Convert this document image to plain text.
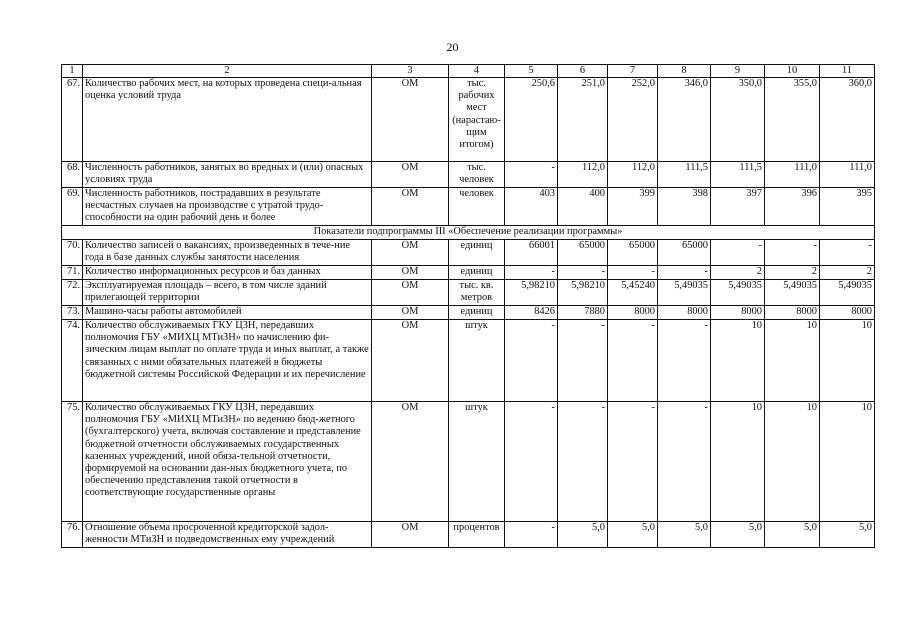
20
1	2	3	4	5	6	7	8	9	10	11
67.	Количество рабочих мест, на которых проведена специ-альная оценка условий труда	ОМ	тыс. рабочих мест (нарастаю-щим итогом)	250,6	251,0	252,0	346,0	350,0	355,0	360,0
68.	Численность работников, занятых во вредных и (или) опасных условиях труда	ОМ	тыс. человек	-	112,0	112,0	111,5	111,5	111,0	111,0
69.	Численность работников, пострадавших в результате несчастных случаев на производстве с утратой трудо-способности на один рабочий день и более	ОМ	человек	403	400	399	398	397	396	395
Показатели подпрограммы III «Обеспечение реализации программы»										
70.	Количество записей о вакансиях, произведенных в тече-ние года в базе данных службы занятости населения	ОМ	единиц	66001	65000	65000	65000	-	-	-
71.	Количество информационных ресурсов и баз данных	ОМ	единиц	-	-	-	-	2	2	2
72.	Эксплуатируемая площадь – всего, в том числе зданий прилегающей территории	ОМ	тыс. кв. метров	5,98210	5,98210	5,45240	5,49035	5,49035	5,49035	5,49035
73.	Машино-часы работы автомобилей	ОМ	единиц	8426	7880	8000	8000	8000	8000	8000
74.	Количество обслуживаемых ГКУ ЦЗН, передавших полномочия ГБУ «МИХЦ МТиЗН» по начислению фи-зическим лицам выплат по оплате труда и иных выплат, а также связанных с ними обязательных платежей в бюджеты бюджетной системы Российской Федерации и их перечисление	ОМ	штук	-	-	-	-	10	10	10
75.	Количество обслуживаемых ГКУ ЦЗН, передавших полномочия ГБУ «МИХЦ МТиЗН» по ведению бюд-жетного (бухгалтерского) учета, включая составление и представление бюджетной отчетности обслуживаемых государственных казенных учреждений, иной обяза-тельной отчетности, формируемой на основании дан-ных бюджетного учета, по обеспечению представления такой отчетности в соответствующие государственные органы	ОМ	штук	-	-	-	-	10	10	10
76.	Отношение объема просроченной кредиторской задол-женности МТиЗН и подведомственных ему учреждений	ОМ	процентов	-	5,0	5,0	5,0	5,0	5,0	5,0
